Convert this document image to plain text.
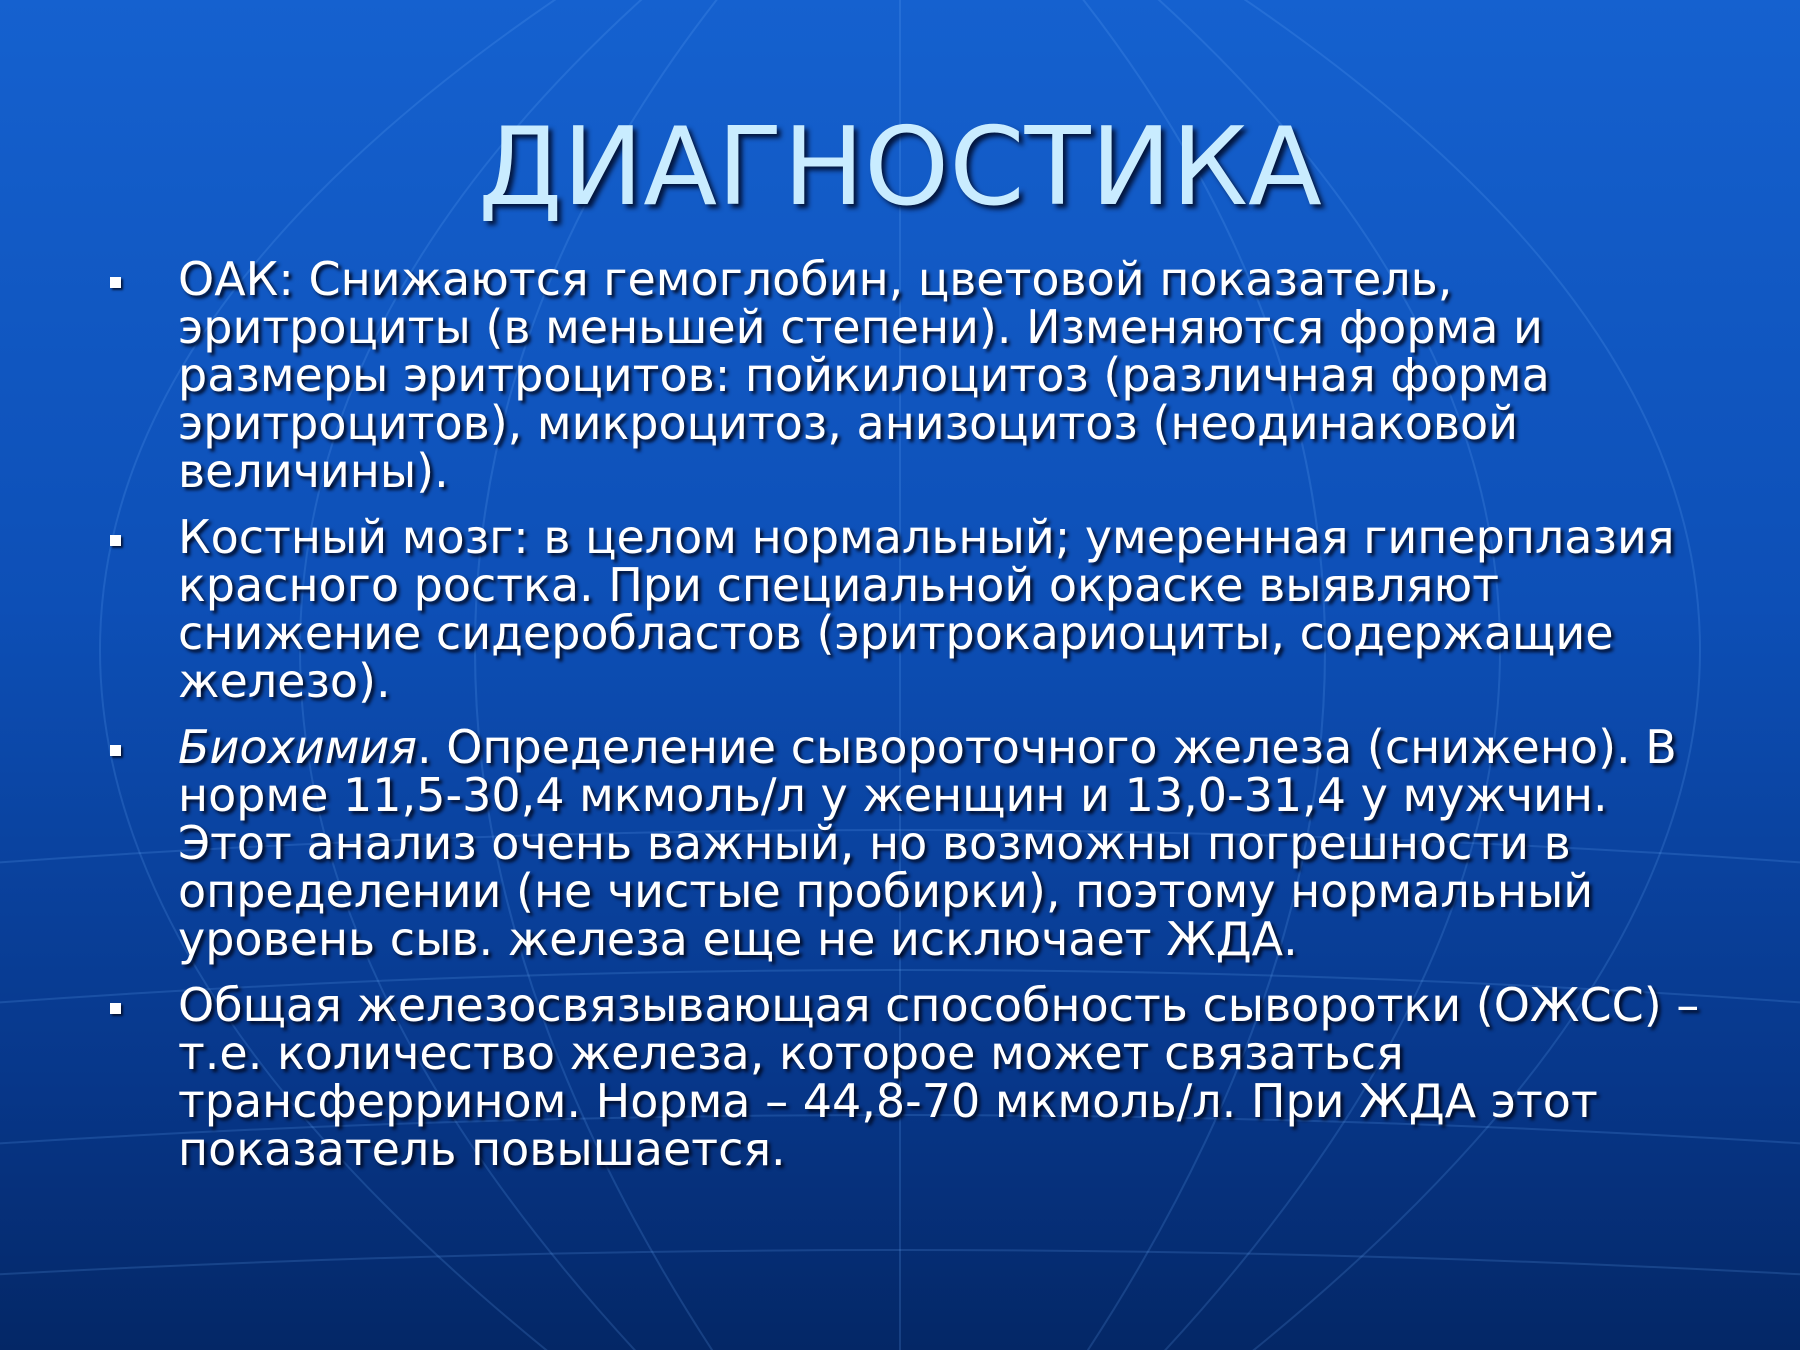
ДИАГНОСТИКА
ОАК: Снижаются гемоглобин, цветовой показатель, эритроциты (в меньшей степени). Изменяются форма и размеры эритроцитов: пойкилоцитоз (различная форма эритроцитов), микроцитоз, анизоцитоз (неодинаковой величины).
Костный мозг: в целом нормальный; умеренная гиперплазия красного ростка. При специальной окраске выявляют снижение сидеробластов (эритрокариоциты, содержащие железо).
Биохимия. Определение сывороточного железа (снижено). В норме 11,5-30,4 мкмоль/л у женщин и 13,0-31,4 у мужчин. Этот анализ очень важный, но возможны погрешности в определении (не чистые пробирки), поэтому нормальный уровень сыв. железа еще не исключает ЖДА.
Общая железосвязывающая способность сыворотки (ОЖСС) – т.е. количество железа, которое может связаться трансферрином. Норма – 44,8-70 мкмоль/л. При ЖДА этот показатель повышается.
